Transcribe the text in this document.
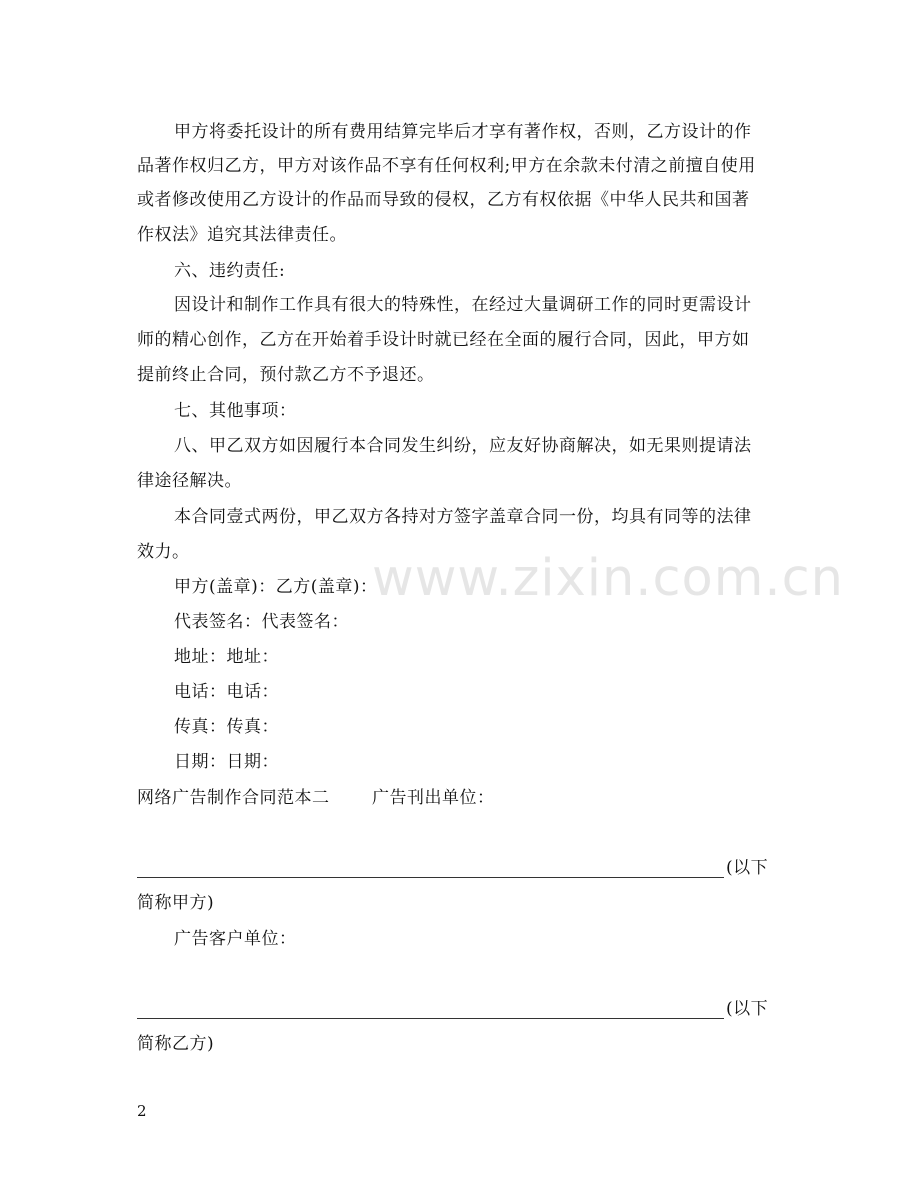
www.zixin.com.cn
甲方将委托设计的所有费用结算完毕后才享有著作权，否则，乙方设计的作
品著作权归乙方，甲方对该作品不享有任何权利;甲方在余款未付清之前擅自使用
或者修改使用乙方设计的作品而导致的侵权，乙方有权依据《中华人民共和国著
作权法》追究其法律责任。
六、违约责任:
因设计和制作工作具有很大的特殊性，在经过大量调研工作的同时更需设计
师的精心创作，乙方在开始着手设计时就已经在全面的履行合同，因此，甲方如
提前终止合同，预付款乙方不予退还。
七、其他事项：
八、甲乙双方如因履行本合同发生纠纷，应友好协商解决，如无果则提请法
律途径解决。
本合同壹式两份，甲乙双方各持对方签字盖章合同一份，均具有同等的法律
效力。
甲方(盖章)：乙方(盖章)：
代表签名：代表签名：
地址：地址：
电话：电话：
传真：传真：
日期：日期：
网络广告制作合同范本二	广告刊出单位：
(以下
简称甲方)
广告客户单位：
(以下
简称乙方)
2
